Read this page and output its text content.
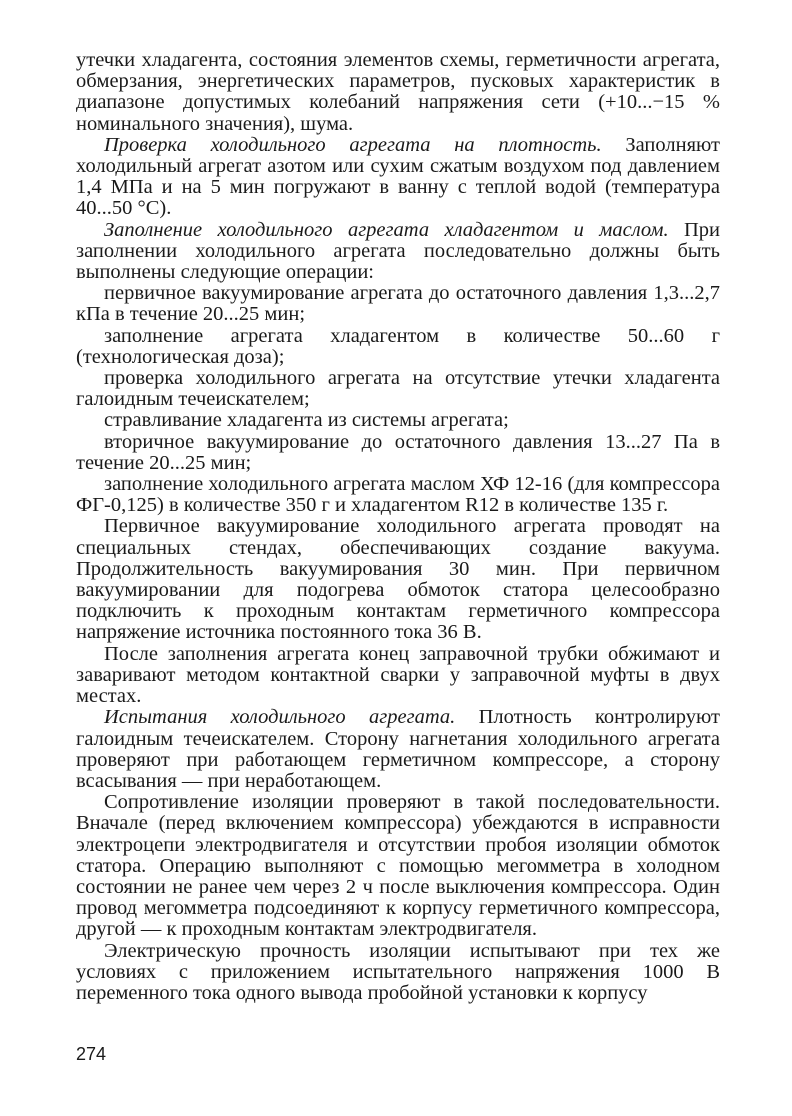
утечки хладагента, состояния элементов схемы, герметичности агрегата, обмерзания, энергетических параметров, пусковых характеристик в диапазоне допустимых колебаний напряжения сети (+10...−15 % номинального значения), шума.

Проверка холодильного агрегата на плотность. Заполняют холодильный агрегат азотом или сухим сжатым воздухом под давлением 1,4 МПа и на 5 мин погружают в ванну с теплой водой (температура 40...50 °С).

Заполнение холодильного агрегата хладагентом и маслом. При заполнении холодильного агрегата последовательно должны быть выполнены следующие операции:

первичное вакуумирование агрегата до остаточного давления 1,3...2,7 кПа в течение 20...25 мин;

заполнение агрегата хладагентом в количестве 50...60 г (технологическая доза);

проверка холодильного агрегата на отсутствие утечки хладагента галоидным течеискателем;

стравливание хладагента из системы агрегата;

вторичное вакуумирование до остаточного давления 13...27 Па в течение 20...25 мин;

заполнение холодильного агрегата маслом ХФ 12-16 (для компрессора ФГ-0,125) в количестве 350 г и хладагентом R12 в количестве 135 г.

Первичное вакуумирование холодильного агрегата проводят на специальных стендах, обеспечивающих создание вакуума. Продолжительность вакуумирования 30 мин. При первичном вакуумировании для подогрева обмоток статора целесообразно подключить к проходным контактам герметичного компрессора напряжение источника постоянного тока 36 В.

После заполнения агрегата конец заправочной трубки обжимают и заваривают методом контактной сварки у заправочной муфты в двух местах.

Испытания холодильного агрегата. Плотность контролируют галоидным течеискателем. Сторону нагнетания холодильного агрегата проверяют при работающем герметичном компрессоре, а сторону всасывания — при неработающем.

Сопротивление изоляции проверяют в такой последовательности. Вначале (перед включением компрессора) убеждаются в исправности электроцепи электродвигателя и отсутствии пробоя изоляции обмоток статора. Операцию выполняют с помощью мегомметра в холодном состоянии не ранее чем через 2 ч после выключения компрессора. Один провод мегомметра подсоединяют к корпусу герметичного компрессора, другой — к проходным контактам электродвигателя.

Электрическую прочность изоляции испытывают при тех же условиях с приложением испытательного напряжения 1000 В переменного тока одного вывода пробойной установки к корпусу

274
